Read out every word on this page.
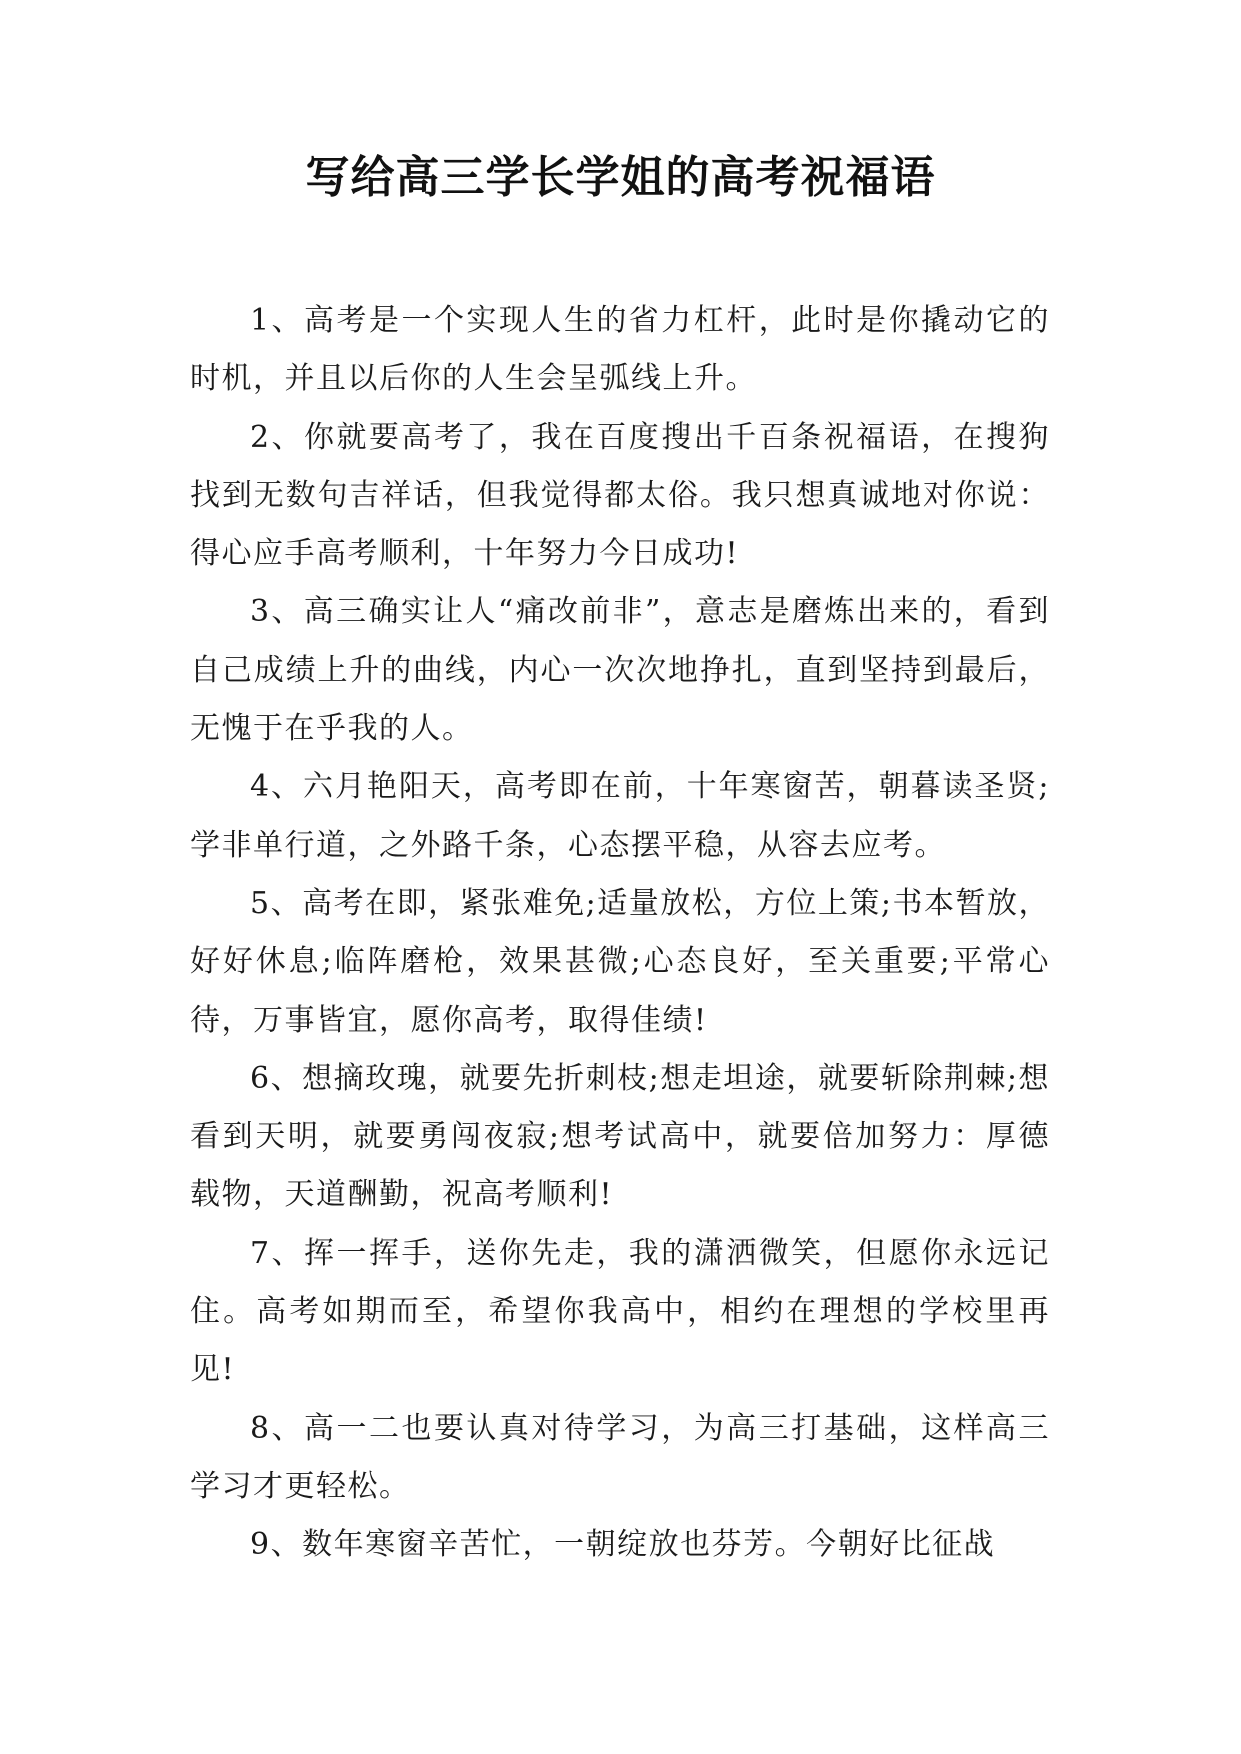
写给高三学长学姐的高考祝福语

1、高考是一个实现人生的省力杠杆，此时是你撬动它的时机，并且以后你的人生会呈弧线上升。

2、你就要高考了，我在百度搜出千百条祝福语，在搜狗找到无数句吉祥话，但我觉得都太俗。我只想真诚地对你说：得心应手高考顺利，十年努力今日成功!

3、高三确实让人“痛改前非”，意志是磨炼出来的，看到自己成绩上升的曲线，内心一次次地挣扎，直到坚持到最后，无愧于在乎我的人。

4、六月艳阳天，高考即在前，十年寒窗苦，朝暮读圣贤;学非单行道，之外路千条，心态摆平稳，从容去应考。

5、高考在即，紧张难免;适量放松，方位上策;书本暂放，好好休息;临阵磨枪，效果甚微;心态良好，至关重要;平常心待，万事皆宜，愿你高考，取得佳绩!

6、想摘玫瑰，就要先折刺枝;想走坦途，就要斩除荆棘;想看到天明，就要勇闯夜寂;想考试高中，就要倍加努力：厚德载物，天道酬勤，祝高考顺利!

7、挥一挥手，送你先走，我的潇洒微笑，但愿你永远记住。高考如期而至，希望你我高中，相约在理想的学校里再见!

8、高一二也要认真对待学习，为高三打基础，这样高三学习才更轻松。

9、数年寒窗辛苦忙，一朝绽放也芬芳。今朝好比征战
